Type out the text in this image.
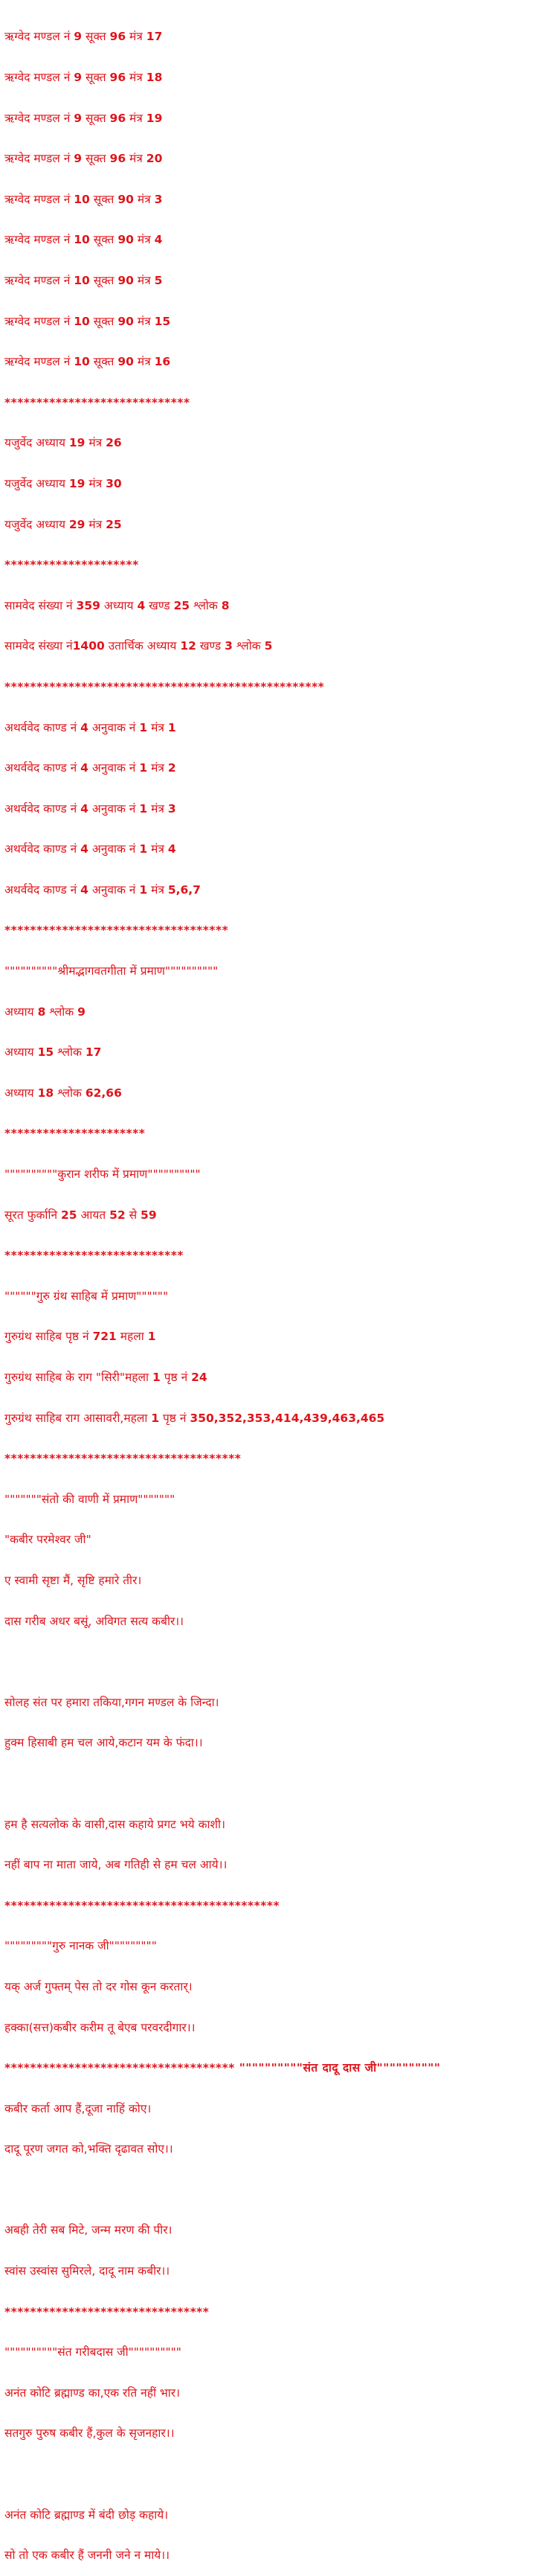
ऋग्वेद मण्डल नं 9 सूक्त 96 मंत्र 17

ऋग्वेद मण्डल नं 9 सूक्त 96 मंत्र 18

ऋग्वेद मण्डल नं 9 सूक्त 96 मंत्र 19

ऋग्वेद मण्डल नं 9 सूक्त 96 मंत्र 20

ऋग्वेद मण्डल नं 10 सूक्त 90 मंत्र 3

ऋग्वेद मण्डल नं 10 सूक्त 90 मंत्र 4

ऋग्वेद मण्डल नं 10 सूक्त 90 मंत्र 5

ऋग्वेद मण्डल नं 10 सूक्त 90 मंत्र 15

ऋग्वेद मण्डल नं 10 सूक्त 90 मंत्र 16

*****************************

यजुर्वेद अध्याय 19 मंत्र 26

यजुर्वेद अध्याय 19 मंत्र 30

यजुर्वेद अध्याय 29 मंत्र 25

*********************

सामवेद संख्या नं 359 अध्याय 4 खण्ड 25 श्लोक 8

सामवेद संख्या नं1400 उतार्चिक अध्याय 12 खण्ड 3 श्लोक 5

**************************************************

अथर्ववेद काण्ड नं 4 अनुवाक नं 1 मंत्र 1

अथर्ववेद काण्ड नं 4 अनुवाक नं 1 मंत्र 2

अथर्ववेद काण्ड नं 4 अनुवाक नं 1 मंत्र 3

अथर्ववेद काण्ड नं 4 अनुवाक नं 1 मंत्र 4

अथर्ववेद काण्ड नं 4 अनुवाक नं 1 मंत्र 5,6,7

***********************************

""""""""""श्रीमद्भागवतगीता में प्रमाण""""""""""

अध्याय 8 श्लोक 9

अध्याय 15 श्लोक 17

अध्याय 18 श्लोक 62,66

**********************

""""""""""कुरान शरीफ में प्रमाण""""""""""

सूरत फुर्कानि 25 आयत 52 से 59

****************************

""""""गुरु ग्रंथ साहिब में प्रमाण""""""

गुरुग्रंथ साहिब पृष्ठ नं 721 महला 1

गुरुग्रंथ साहिब के राग "सिरी"महला 1 पृष्ठ नं 24

गुरुग्रंथ साहिब राग आसावरी,महला 1 पृष्ठ नं 350,352,353,414,439,463,465

*************************************

"""""""संतो की वाणी में प्रमाण"""""""

"कबीर परमेश्वर जी"

ए स्वामी सृष्टा मैं, सृष्टि हमारे तीर।

दास गरीब अधर बसूं, अविगत सत्य कबीर।।

सोलह संत पर हमारा तकिया,गगन मण्डल के जिन्दा।

हुक्म हिसाबी हम चल आये,कटान यम के फंदा।।

हम है सत्यलोक के वासी,दास कहाये प्रगट भये काशी।

नहीं बाप ना माता जाये, अब गतिही से हम चल आये।।

*******************************************

"""""""""गुरु नानक जी"""""""""

यक् अर्ज गुफ्तम् पेस तो दर गोस कून करतार्।

हक्का(सत्त)कबीर करीम तू बेएब परवरदीगार।।

************************************ """"""""""संत दादू दास जी""""""""""

कबीर कर्ता आप हैं,दूजा नाहिं कोए।

दादू पूरण जगत को,भक्ति दृढावत सोए।।

अबही तेरी सब मिटे, जन्म मरण की पीर।

स्वांस उस्वांस सुमिरले, दादू नाम कबीर।।

********************************

""""""""""संत गरीबदास जी""""""""""

अनंत कोटि ब्रह्माण्ड का,एक रति नहीं भार।

सतगुरु पुरुष कबीर हैं,कुल के सृजनहार।।

अनंत कोटि ब्रह्माण्ड में बंदी छोड़ कहाये।

सो तो एक कबीर हैं जननी जने न माये।।
